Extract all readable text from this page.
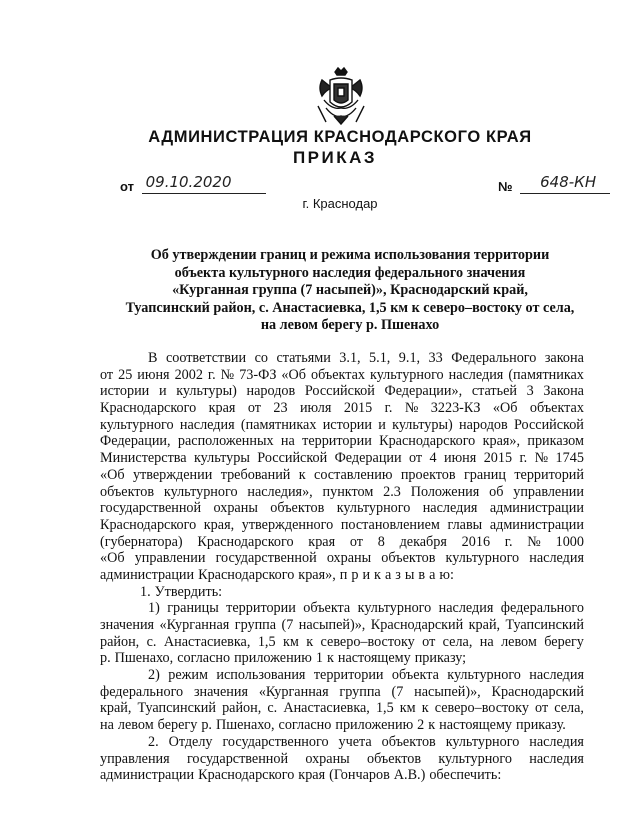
АДМИНИСТРАЦИЯ КРАСНОДАРСКОГО КРАЯ
ПРИКАЗ
от 09.10.2020	№ 648-КН
г. Краснодар
Об утверждении границ и режима использования территории
объекта культурного наследия федерального значения
«Курганная группа (7 насыпей)», Краснодарский край,
Туапсинский район, с. Анастасиевка, 1,5 км к северо–востоку от села,
на левом берегу р. Пшенахо
В соответствии со статьями 3.1, 5.1, 9.1, 33 Федерального закона
от 25 июня 2002 г. № 73-ФЗ «Об объектах культурного наследия (памятниках
истории и культуры) народов Российской Федерации», статьей 3 Закона
Краснодарского края от 23 июля 2015 г. № 3223-КЗ «Об объектах
культурного наследия (памятниках истории и культуры) народов Российской
Федерации, расположенных на территории Краснодарского края», приказом
Министерства культуры Российской Федерации от 4 июня 2015 г. № 1745
«Об утверждении требований к составлению проектов границ территорий
объектов культурного наследия», пунктом 2.3 Положения об управлении
государственной охраны объектов культурного наследия администрации
Краснодарского края, утвержденного постановлением главы администрации
(губернатора) Краснодарского края от 8 декабря 2016 г. № 1000
«Об управлении государственной охраны объектов культурного наследия
администрации Краснодарского края», п р и к а з ы в а ю:
1. Утвердить:
1) границы территории объекта культурного наследия федерального
значения «Курганная группа (7 насыпей)», Краснодарский край, Туапсинский
район, с. Анастасиевка, 1,5 км к северо–востоку от села, на левом берегу
р. Пшенахо, согласно приложению 1 к настоящему приказу;
2) режим использования территории объекта культурного наследия
федерального значения «Курганная группа (7 насыпей)», Краснодарский
край, Туапсинский район, с. Анастасиевка, 1,5 км к северо–востоку от села,
на левом берегу р. Пшенахо, согласно приложению 2 к настоящему приказу.
2. Отделу государственного учета объектов культурного наследия
управления государственной охраны объектов культурного наследия
администрации Краснодарского края (Гончаров А.В.) обеспечить:
